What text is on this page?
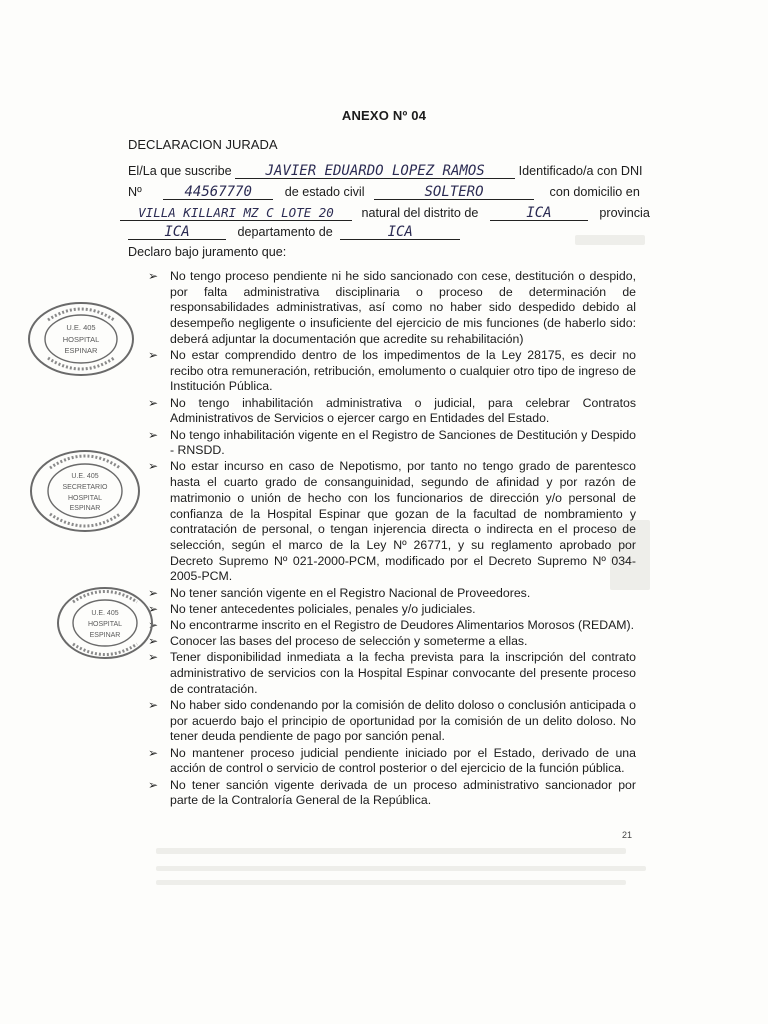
ANEXO Nº 04
DECLARACION JURADA
El/La que suscribe JAVIER EDUARDO LOPEZ RAMOS	Identificado/a con DNI
Nº	44567770	de estado civil	SOLTERO	con domicilio en
VILLA KILLARI MZ C LOTE 20 natural del distrito de	ICA	provincia
ICA	departamento de	ICA
Declaro bajo juramento que:
➢ No tengo proceso pendiente ni he sido sancionado con cese, destitución o despido, por falta administrativa disciplinaria o proceso de determinación de responsabilidades administrativas, así como no haber sido despedido debido al desempeño negligente o insuficiente del ejercicio de mis funciones (de haberlo sido: deberá adjuntar la documentación que acredite su rehabilitación)
➢ No estar comprendido dentro de los impedimentos de la Ley 28175, es decir no recibo otra remuneración, retribución, emolumento o cualquier otro tipo de ingreso de Institución Pública.
➢ No tengo inhabilitación administrativa o judicial, para celebrar Contratos Administrativos de Servicios o ejercer cargo en Entidades del Estado.
➢ No tengo inhabilitación vigente en el Registro de Sanciones de Destitución y Despido - RNSDD.
➢ No estar incurso en caso de Nepotismo, por tanto no tengo grado de parentesco hasta el cuarto grado de consanguinidad, segundo de afinidad y por razón de matrimonio o unión de hecho con los funcionarios de dirección y/o personal de confianza de la Hospital Espinar que gozan de la facultad de nombramiento y contratación de personal, o tengan injerencia directa o indirecta en el proceso de selección, según el marco de la Ley Nº 26771, y su reglamento aprobado por Decreto Supremo Nº 021-2000-PCM, modificado por el Decreto Supremo Nº 034-2005-PCM.
➢ No tener sanción vigente en el Registro Nacional de Proveedores.
➢ No tener antecedentes policiales, penales y/o judiciales.
➢ No encontrarme inscrito en el Registro de Deudores Alimentarios Morosos (REDAM).
➢ Conocer las bases del proceso de selección y someterme a ellas.
➢ Tener disponibilidad inmediata a la fecha prevista para la inscripción del contrato administrativo de servicios con la Hospital Espinar convocante del presente proceso de contratación.
➢ No haber sido condenando por la comisión de delito doloso o conclusión anticipada o por acuerdo bajo el principio de oportunidad por la comisión de un delito doloso. No tener deuda pendiente de pago por sanción penal.
➢ No mantener proceso judicial pendiente iniciado por el Estado, derivado de una acción de control o servicio de control posterior o del ejercicio de la función pública.
➢ No tener sanción vigente derivada de un proceso administrativo sancionador por parte de la Contraloría General de la República.
21
U.E. 405
HOSPITAL
ESPINAR
U.E. 405
SECRETARIO
HOSPITAL
ESPINAR
U.E. 405
HOSPITAL
ESPINAR
